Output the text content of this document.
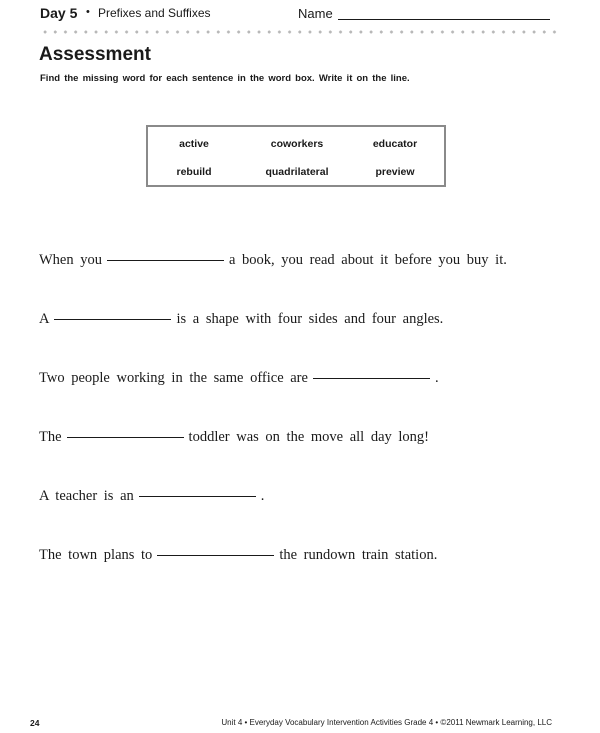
Day 5 • Prefixes and Suffixes	Name
Assessment
Find the missing word for each sentence in the word box. Write it on the line.
active	coworkers	educator
rebuild	quadrilateral	preview
When you	a book, you read about it before you buy it.
A	is a shape with four sides and four angles.
Two people working in the same office are	.
The	toddler was on the move all day long!
A teacher is an	.
The town plans to	the rundown train station.
24	Unit 4 • Everyday Vocabulary Intervention Activities Grade 4 • ©2011 Newmark Learning, LLC
